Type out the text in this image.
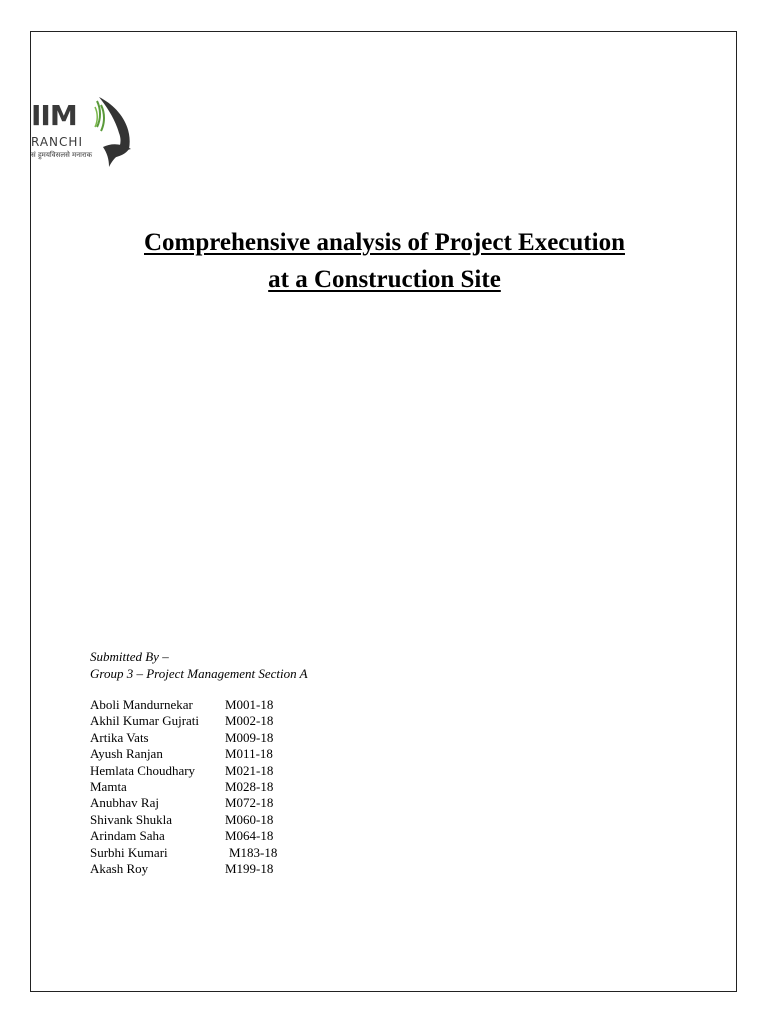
IIM
RANCHI
सं हुमयविसलसे मनाराक
Comprehensive analysis of Project Execution
at a Construction Site
Submitted By –
Group 3 – Project Management Section A
Aboli Mandurnekar	M001-18
Akhil Kumar Gujrati	M002-18
Artika Vats	M009-18
Ayush Ranjan	M011-18
Hemlata Choudhary	M021-18
Mamta	M028-18
Anubhav Raj	M072-18
Shivank Shukla	M060-18
Arindam Saha	M064-18
Surbhi Kumari	M183-18
Akash Roy	M199-18
